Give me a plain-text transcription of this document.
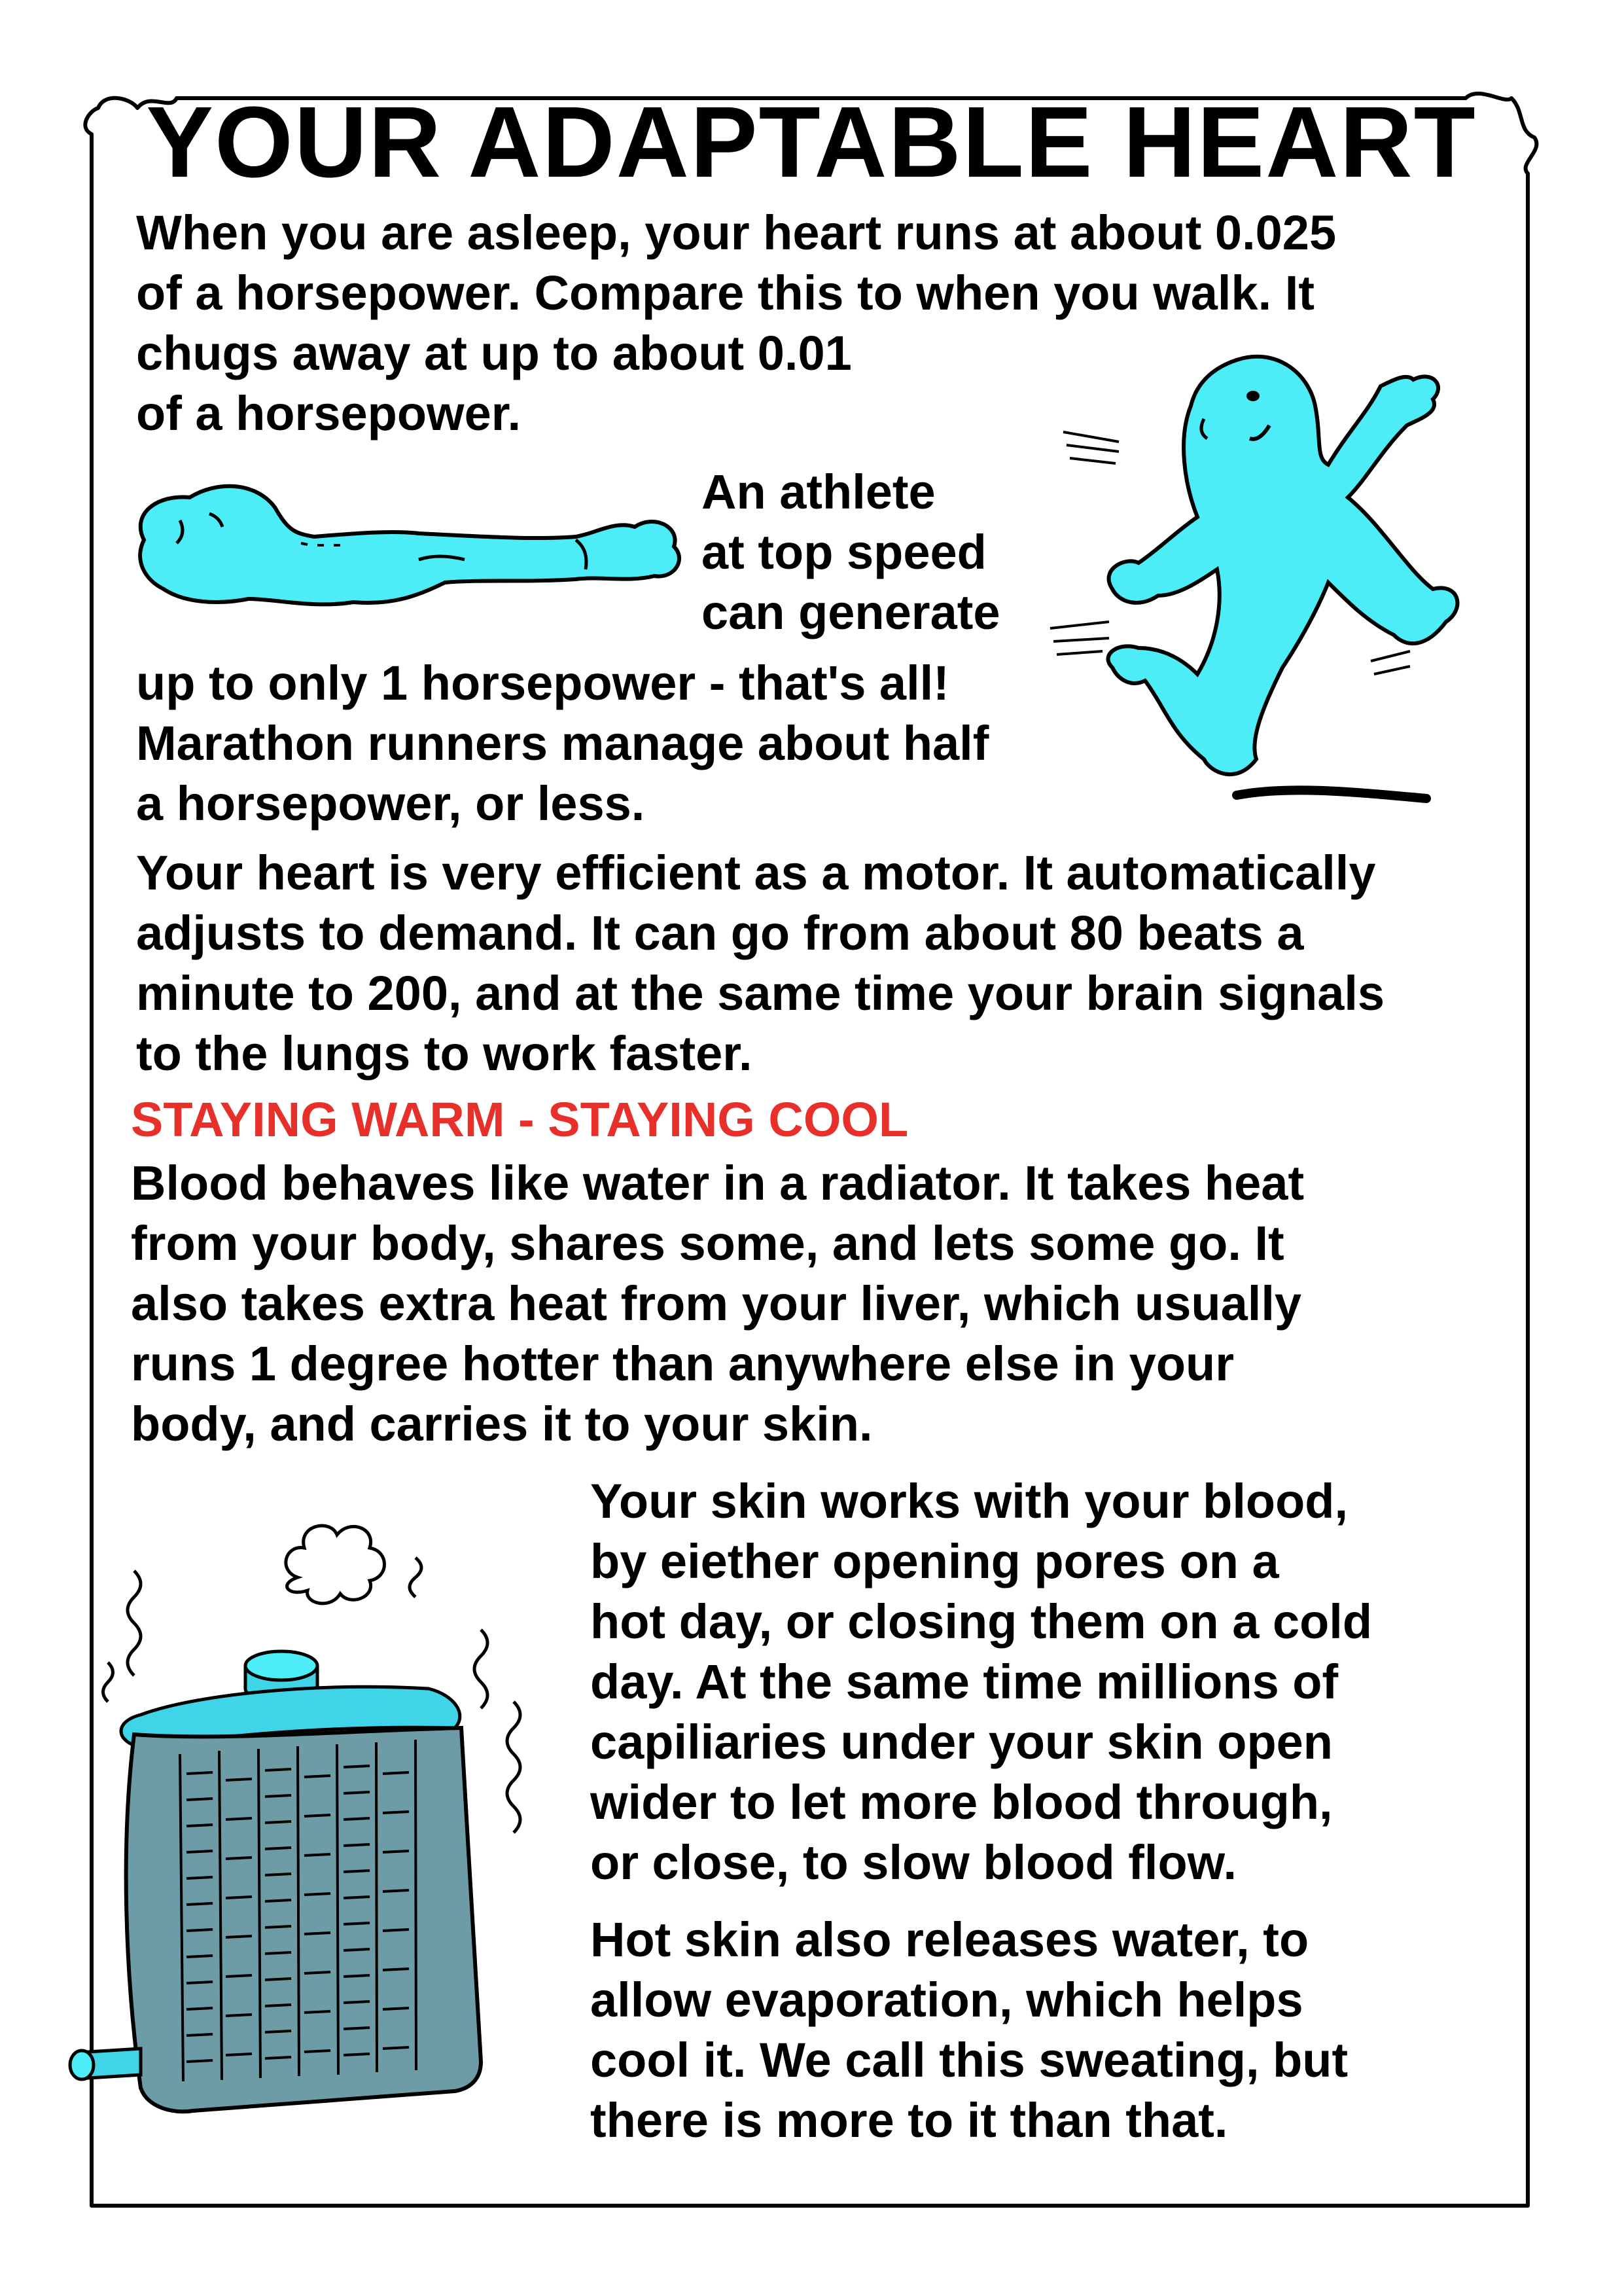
YOUR ADAPTABLE HEART
When you are asleep, your heart runs at about 0.025
of a horsepower. Compare this to when you walk. It
chugs away at up to about 0.01
of a horsepower.
An athlete
at top speed
can generate
up to only 1 horsepower - that's all!
Marathon runners manage about half
a horsepower, or less.
Your heart is very efficient as a motor. It automatically
adjusts to demand. It can go from about 80 beats a
minute to 200, and at the same time your brain signals
to the lungs to work faster.
STAYING WARM - STAYING COOL
Blood behaves like water in a radiator. It takes heat
from your body, shares some, and lets some go. It
also takes extra heat from your liver, which usually
runs 1 degree hotter than anywhere else in your
body, and carries it to your skin.
Your skin works with your blood,
by eiether opening pores on a
hot day, or closing them on a cold
day. At the same time millions of
capiliaries under your skin open
wider to let more blood through,
or close, to slow blood flow.
Hot skin also releases water, to
allow evaporation, which helps
cool it. We call this sweating, but
there is more to it than that.
